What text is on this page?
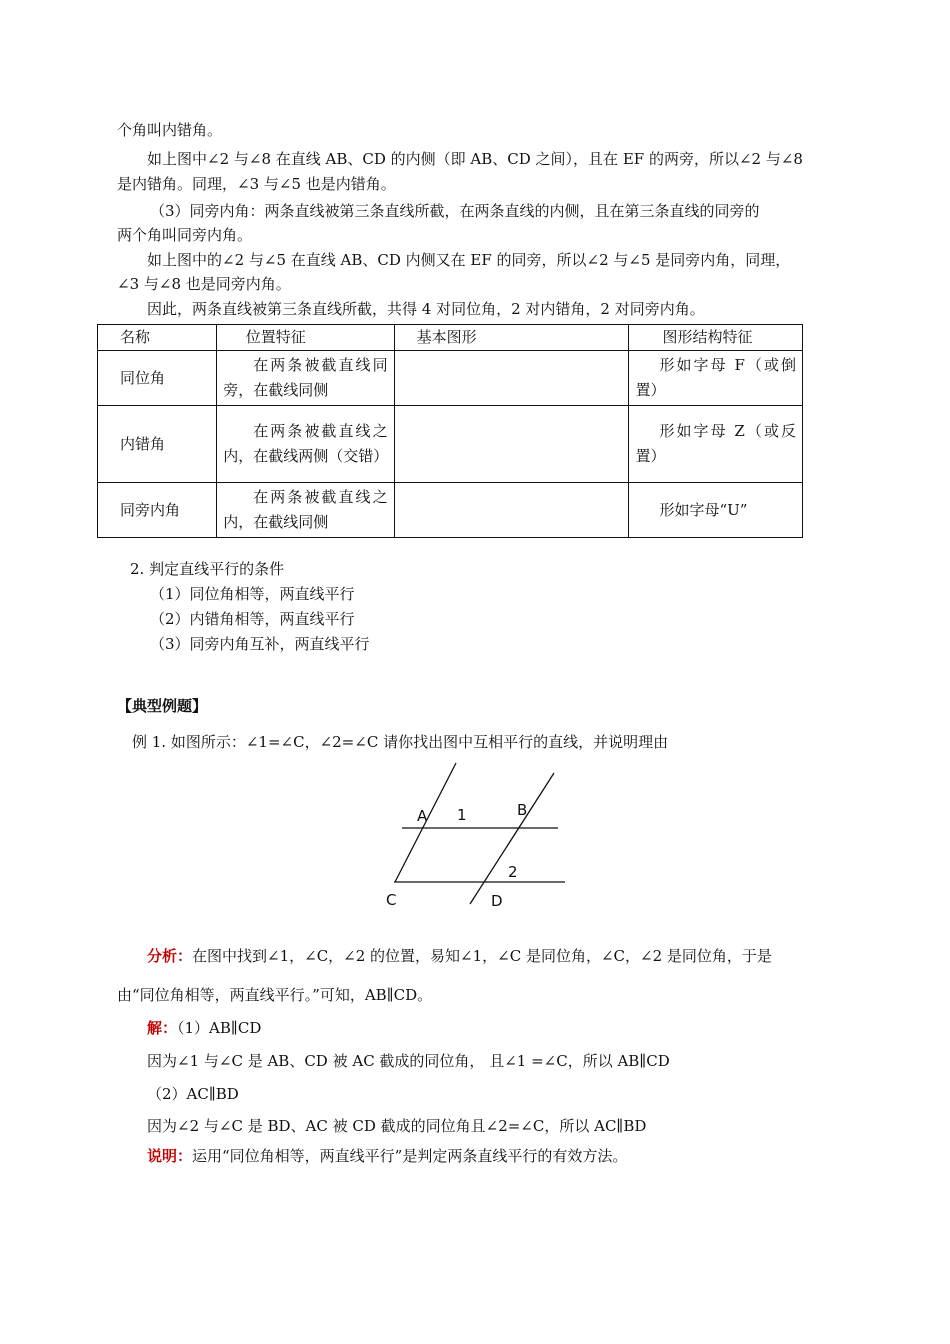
个角叫内错角。

如上图中∠2 与∠8 在直线 AB、CD 的内侧（即 AB、CD 之间），且在 EF 的两旁，所以∠2 与∠8

是内错角。同理，∠3 与∠5 也是内错角。

（3）同旁内角：两条直线被第三条直线所截，在两条直线的内侧，且在第三条直线的同旁的

两个角叫同旁内角。

如上图中的∠2 与∠5 在直线 AB、CD 内侧又在 EF 的同旁，所以∠2 与∠5 是同旁内角，同理，

∠3 与∠8 也是同旁内角。

因此，两条直线被第三条直线所截，共得 4 对同位角，2 对内错角，2 对同旁内角。

名称	位置特征	基本图形	图形结构特征
同位角	在两条被截直线同旁，在截线同侧		形如字母 F（或倒置）
内错角	在两条被截直线之内，在截线两侧（交错）		形如字母 Z（或反置）
同旁内角	在两条被截直线之内，在截线同侧		形如字母“U”

2. 判定直线平行的条件

（1）同位角相等，两直线平行

（2）内错角相等，两直线平行

（3）同旁内角互补，两直线平行

【典型例题】

例 1. 如图所示：∠1=∠C，∠2=∠C 请你找出图中互相平行的直线，并说明理由

A 1	B
2
C	D

分析：在图中找到∠1，∠C，∠2 的位置，易知∠1，∠C 是同位角，∠C，∠2 是同位角，于是

由“同位角相等，两直线平行。”可知，AB∥CD。

解：（1）AB∥CD

因为∠1 与∠C 是 AB、CD 被 AC 截成的同位角， 且∠1 =∠C，所以 AB∥CD

（2）AC∥BD

因为∠2 与∠C 是 BD、AC 被 CD 截成的同位角且∠2=∠C，所以 AC∥BD

说明：运用“同位角相等，两直线平行”是判定两条直线平行的有效方法。
